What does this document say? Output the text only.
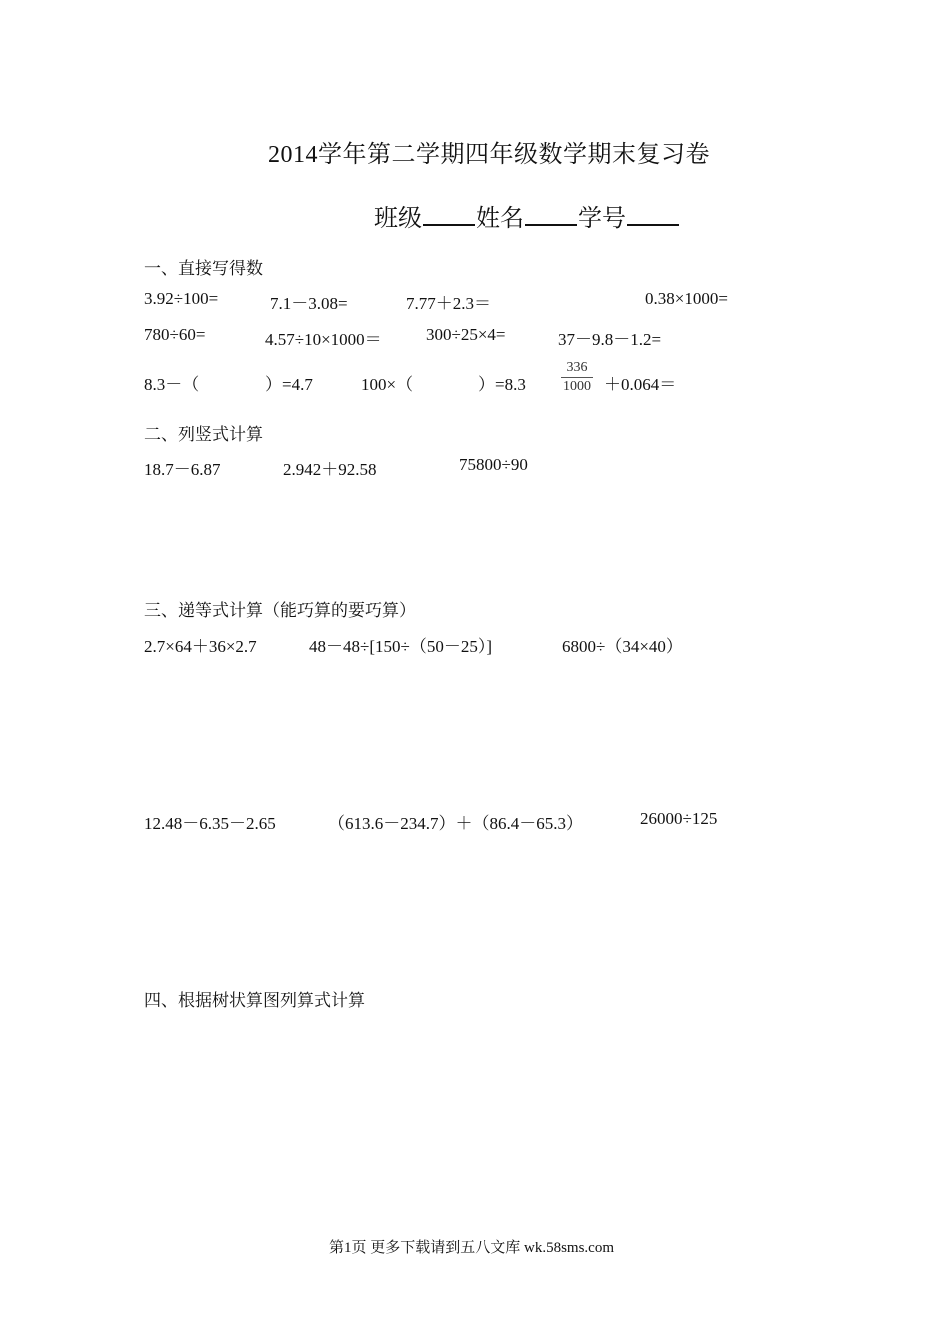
2014学年第二学期四年级数学期末复习卷
班级 姓名 学号
一、直接写得数
3.92÷100=	7.1－3.08=	7.77＋2.3＝	0.38×1000=
780÷60=	4.57÷10×1000＝	300÷25×4=	37－9.8－1.2=
8.3－（	）=4.7	100×（	）=8.3	$\frac{336}{1000} +0.064=$
二、列竖式计算
18.7－6.87	2.942＋92.58	75800÷90
三、递等式计算（能巧算的要巧算）
2.7×64＋36×2.7	48－48÷[150÷（50－25）]	6800÷（34×40）
12.48－6.35－2.65	（613.6－234.7）＋（86.4－65.3）	26000÷125
四、根据树状算图列算式计算
第1页 更多下载请到五八文库 wk.58sms.com
